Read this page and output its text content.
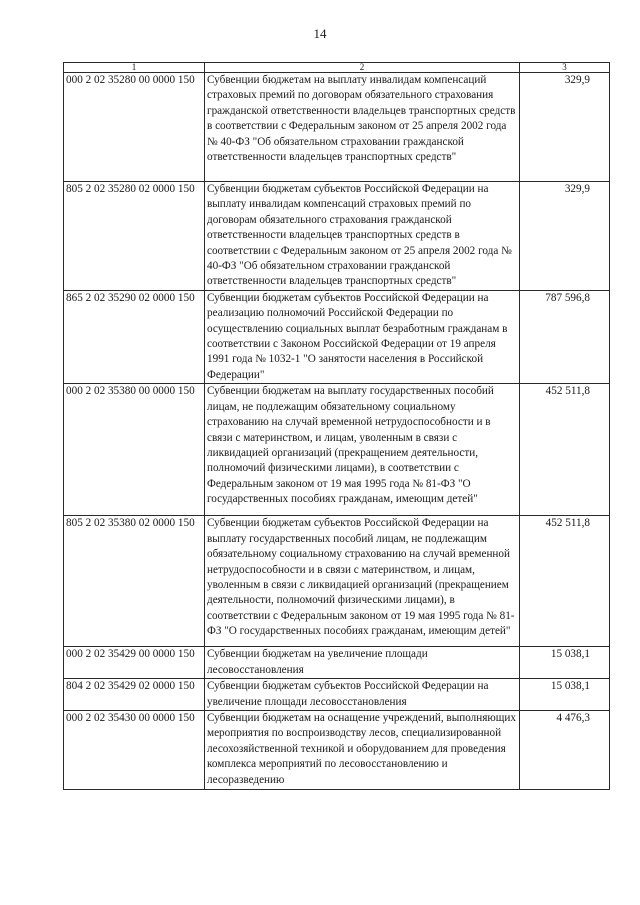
14
1	2	3
000 2 02 35280 00 0000 150	Субвенции бюджетам на выплату инвалидам компенсаций страховых премий по договорам обязательного страхования гражданской ответственности владельцев транспортных средств в соответствии с Федеральным законом от 25 апреля 2002 года № 40-ФЗ "Об обязательном страховании гражданской ответственности владельцев транспортных средств"	329,9
805 2 02 35280 02 0000 150	Субвенции бюджетам субъектов Российской Федерации на выплату инвалидам компенсаций страховых премий по договорам обязательного страхования гражданской ответственности владельцев транспортных средств в соответствии с Федеральным законом от 25 апреля 2002 года № 40-ФЗ "Об обязательном страховании гражданской ответственности владельцев транспортных средств"	329,9
865 2 02 35290 02 0000 150	Субвенции бюджетам субъектов Российской Федерации на реализацию полномочий Российской Федерации по осуществлению социальных выплат безработным гражданам в соответствии с Законом Российской Федерации от 19 апреля 1991 года № 1032-1 "О занятости населения в Российской Федерации"	787 596,8
000 2 02 35380 00 0000 150	Субвенции бюджетам на выплату государственных пособий лицам, не подлежащим обязательному социальному страхованию на случай временной нетрудоспособности и в связи с материнством, и лицам, уволенным в связи с ликвидацией организаций (прекращением деятельности, полномочий физическими лицами), в соответствии с Федеральным законом от 19 мая 1995 года № 81-ФЗ "О государственных пособиях гражданам, имеющим детей"	452 511,8
805 2 02 35380 02 0000 150	Субвенции бюджетам субъектов Российской Федерации на выплату государственных пособий лицам, не подлежащим обязательному социальному страхованию на случай временной нетрудоспособности и в связи с материнством, и лицам, уволенным в связи с ликвидацией организаций (прекращением деятельности, полномочий физическими лицами), в соответствии с Федеральным законом от 19 мая 1995 года № 81-ФЗ "О государственных пособиях гражданам, имеющим детей"	452 511,8
000 2 02 35429 00 0000 150	Субвенции бюджетам на увеличение площади лесовосстановления	15 038,1
804 2 02 35429 02 0000 150	Субвенции бюджетам субъектов Российской Федерации на увеличение площади лесовосстановления	15 038,1
000 2 02 35430 00 0000 150	Субвенции бюджетам на оснащение учреждений, выполняющих мероприятия по воспроизводству лесов, специализированной лесохозяйственной техникой и оборудованием для проведения комплекса мероприятий по лесовосстановлению и лесоразведению	4 476,3
